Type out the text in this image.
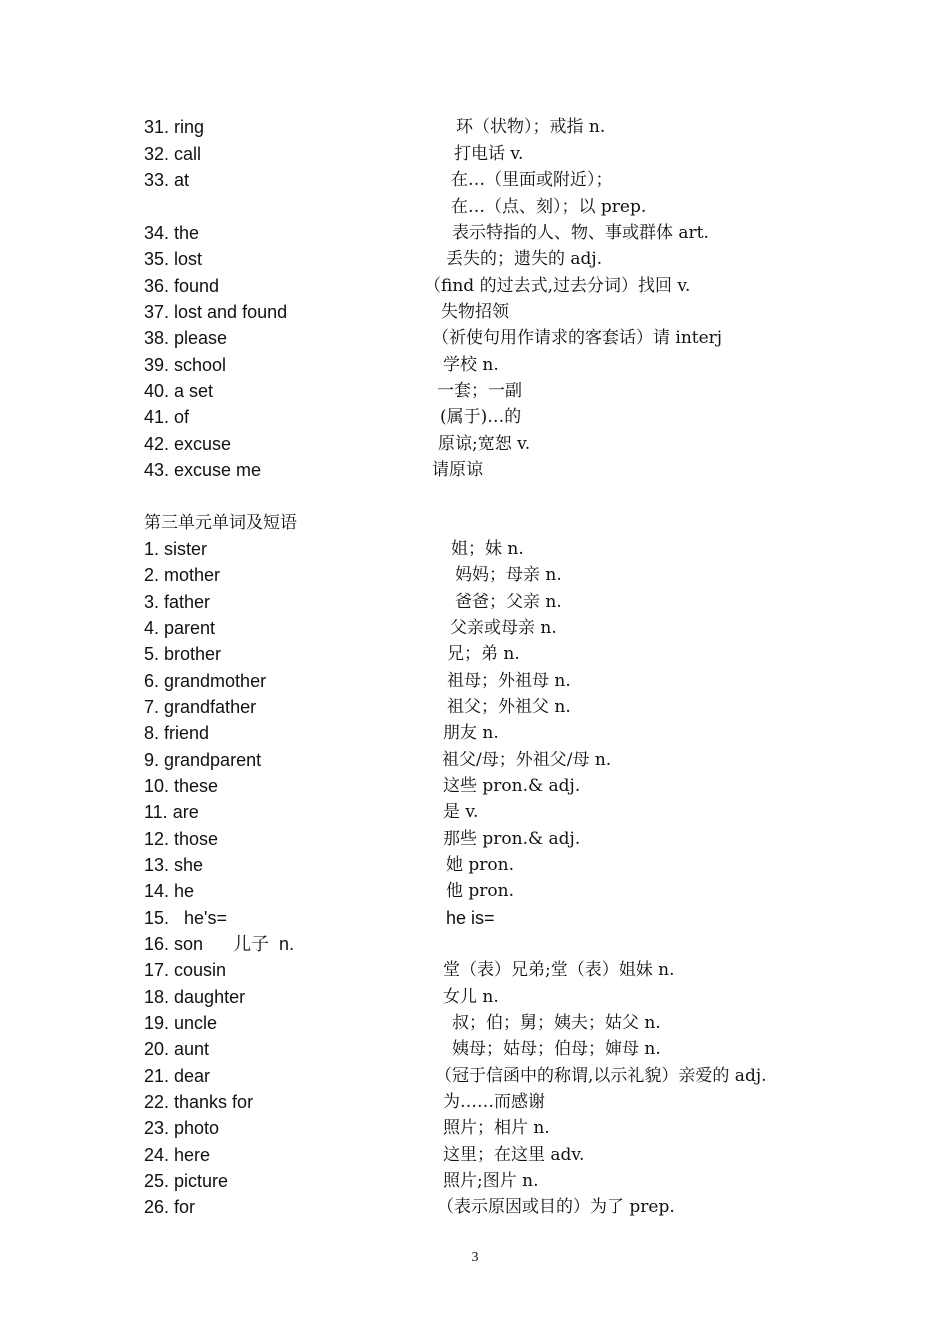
31. ring	环（状物）；戒指 n.
32. call	打电话 v.
33. at	在…（里面或附近）；
在…（点、刻）；以 prep.
34. the	表示特指的人、物、事或群体 art.
35. lost	丢失的；遗失的 adj.
36. found	（find 的过去式,过去分词）找回 v.
37. lost and found	失物招领
38. please	（祈使句用作请求的客套话）请 interj
39. school	学校 n.
40. a set	一套；一副
41. of	(属于)…的
42. excuse	原谅;宽恕 v.
43. excuse me	请原谅
第三单元单词及短语
1. sister	姐；妹 n.
2. mother	妈妈；母亲 n.
3. father	爸爸；父亲 n.
4. parent	父亲或母亲 n.
5. brother	兄；弟 n.
6. grandmother	祖母；外祖母 n.
7. grandfather	祖父；外祖父 n.
8. friend	朋友 n.
9. grandparent	祖父/母；外祖父/母 n.
10. these	这些 pron.& adj.
11. are	是 v.
12. those	那些 pron.& adj.
13. she	她 pron.
14. he	他 pron.
15.   he's=	he is=
16. son      儿子  n.
17. cousin	堂（表）兄弟;堂（表）姐妹 n.
18. daughter	女儿 n.
19. uncle	叔；伯；舅；姨夫；姑父 n.
20. aunt	姨母；姑母；伯母；婶母 n.
21. dear	（冠于信函中的称谓,以示礼貌）亲爱的 adj.
22. thanks for	为……而感谢
23. photo	照片；相片 n.
24. here	这里；在这里 adv.
25. picture	照片;图片 n.
26. for	（表示原因或目的）为了 prep.
3
